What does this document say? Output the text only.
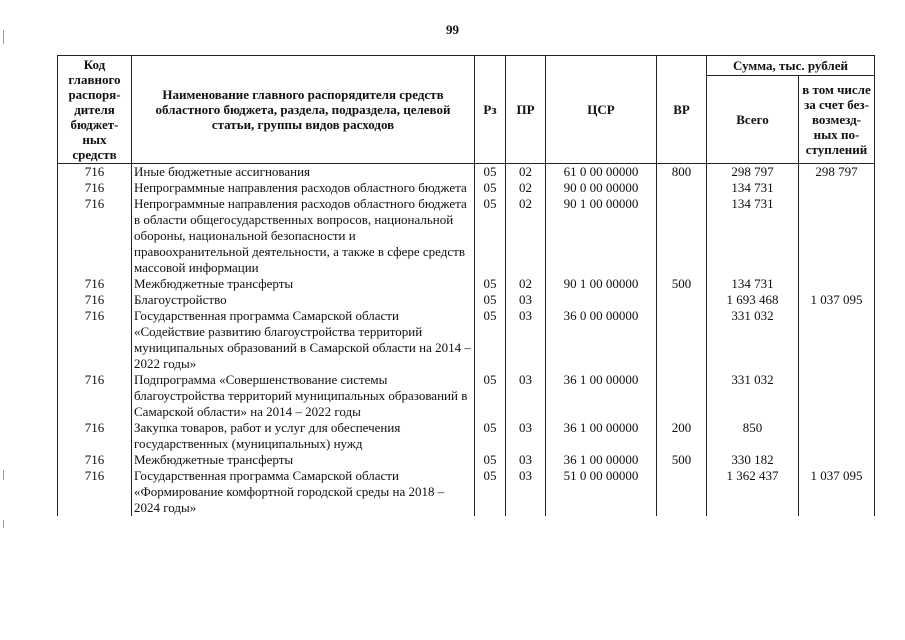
99
Код главного распоря-дителя бюджет-ных средств	Наименование главного распорядителя средств областного бюджета, раздела, подраздела, целевой статьи, группы видов расходов	Рз	ПР	ЦСР	ВР	Сумма, тыс. рублей	
						Всего	в том числе за счет без-возмезд-ных по-ступлений
716	Иные бюджетные ассигнования	05	02	61 0 00 00000	800	298 797	298 797
716	Непрограммные направления расходов областного бюджета	05	02	90 0 00 00000		134 731	
716	Непрограммные направления расходов областного бюджета в области общегосударственных вопросов, национальной обороны, национальной безопасности и правоохранительной деятельности, а также в сфере средств массовой информации	05	02	90 1 00 00000		134 731	
716	Межбюджетные трансферты	05	02	90 1 00 00000	500	134 731	
716	Благоустройство	05	03			1 693 468	1 037 095
716	Государственная программа Самарской области «Содействие развитию благоустройства территорий муниципальных образований в Самарской области на 2014 – 2022 годы»	05	03	36 0 00 00000		331 032	
716	Подпрограмма «Совершенствование системы благоустройства территорий муниципальных образований в Самарской области» на 2014 – 2022 годы	05	03	36 1 00 00000		331 032	
716	Закупка товаров, работ и услуг для обеспечения государственных (муниципальных) нужд	05	03	36 1 00 00000	200	850	
716	Межбюджетные трансферты	05	03	36 1 00 00000	500	330 182	
716	Государственная программа Самарской области «Формирование комфортной городской среды на 2018 – 2024 годы»	05	03	51 0 00 00000		1 362 437	1 037 095
